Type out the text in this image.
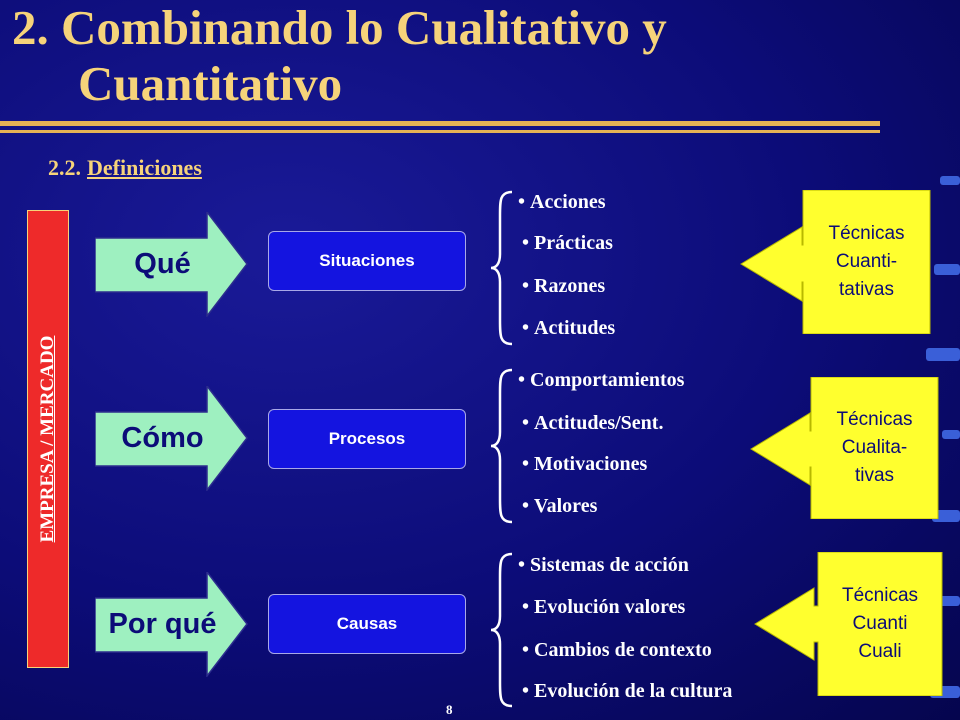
2. Combinando lo Cualitativo y
Cuantitativo
2.2. Definiciones
EMPRESA / MERCADO
Qué	Situaciones
• Acciones
• Prácticas
• Razones
• Actitudes
Técnicas
Cuanti-
tativas
Cómo	Procesos
• Comportamientos
• Actitudes/Sent.
• Motivaciones
• Valores
Técnicas
Cualita-
tivas
Por qué	Causas
• Sistemas de acción
• Evolución valores
• Cambios de contexto
• Evolución de la cultura
Técnicas
Cuanti
Cuali
8
